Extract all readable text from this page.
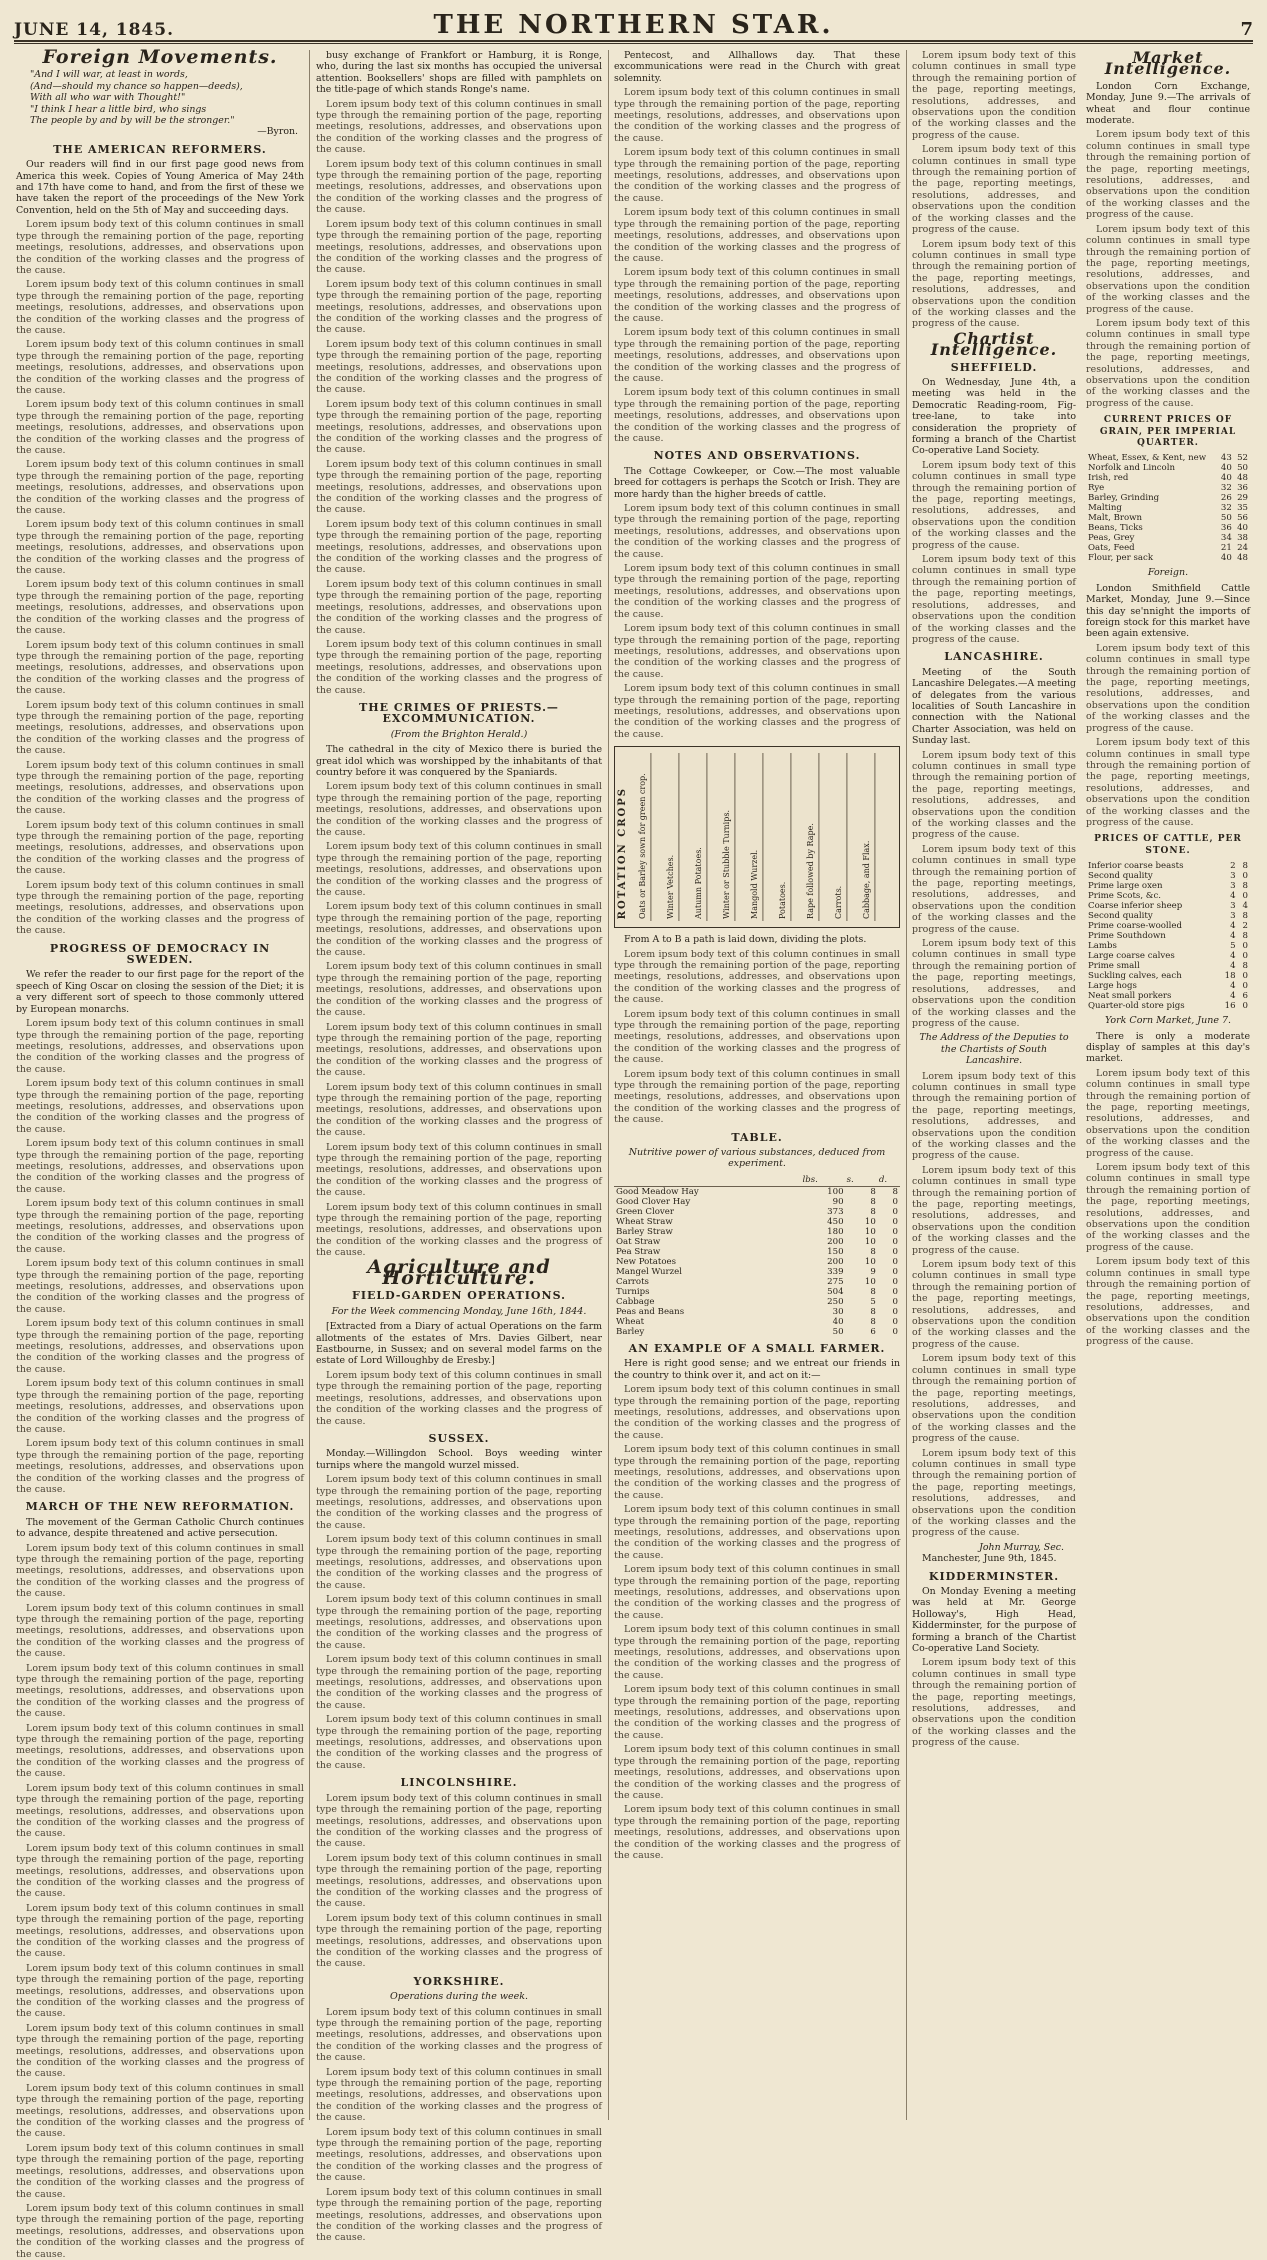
JUNE 14, 1845.	THE NORTHERN STAR.	7
Foreign Movements.
"And I will war, at least in words,
(And—should my chance so happen—deeds),
With all who war with Thought!"
"I think I hear a little bird, who sings
The people by and by will be the stronger."
—Byron.
THE AMERICAN REFORMERS.

Our readers will find in our first page good news from America this week. Copies of Young America of May 24th and 17th have come to hand, and from the first of these we have taken the report of the proceedings of the New York Convention, held on the 5th of May and succeeding days.

Lorem ipsum body text of this column continues in small type through the remaining portion of the page, reporting meetings, resolutions, addresses, and observations upon the condition of the working classes and the progress of the cause.

Lorem ipsum body text of this column continues in small type through the remaining portion of the page, reporting meetings, resolutions, addresses, and observations upon the condition of the working classes and the progress of the cause.

Lorem ipsum body text of this column continues in small type through the remaining portion of the page, reporting meetings, resolutions, addresses, and observations upon the condition of the working classes and the progress of the cause.

Lorem ipsum body text of this column continues in small type through the remaining portion of the page, reporting meetings, resolutions, addresses, and observations upon the condition of the working classes and the progress of the cause.

Lorem ipsum body text of this column continues in small type through the remaining portion of the page, reporting meetings, resolutions, addresses, and observations upon the condition of the working classes and the progress of the cause.

Lorem ipsum body text of this column continues in small type through the remaining portion of the page, reporting meetings, resolutions, addresses, and observations upon the condition of the working classes and the progress of the cause.

Lorem ipsum body text of this column continues in small type through the remaining portion of the page, reporting meetings, resolutions, addresses, and observations upon the condition of the working classes and the progress of the cause.

Lorem ipsum body text of this column continues in small type through the remaining portion of the page, reporting meetings, resolutions, addresses, and observations upon the condition of the working classes and the progress of the cause.

Lorem ipsum body text of this column continues in small type through the remaining portion of the page, reporting meetings, resolutions, addresses, and observations upon the condition of the working classes and the progress of the cause.

Lorem ipsum body text of this column continues in small type through the remaining portion of the page, reporting meetings, resolutions, addresses, and observations upon the condition of the working classes and the progress of the cause.

Lorem ipsum body text of this column continues in small type through the remaining portion of the page, reporting meetings, resolutions, addresses, and observations upon the condition of the working classes and the progress of the cause.

Lorem ipsum body text of this column continues in small type through the remaining portion of the page, reporting meetings, resolutions, addresses, and observations upon the condition of the working classes and the progress of the cause.

PROGRESS OF DEMOCRACY IN SWEDEN.

We refer the reader to our first page for the report of the speech of King Oscar on closing the session of the Diet; it is a very different sort of speech to those commonly uttered by European monarchs.

Lorem ipsum body text of this column continues in small type through the remaining portion of the page, reporting meetings, resolutions, addresses, and observations upon the condition of the working classes and the progress of the cause.

Lorem ipsum body text of this column continues in small type through the remaining portion of the page, reporting meetings, resolutions, addresses, and observations upon the condition of the working classes and the progress of the cause.

Lorem ipsum body text of this column continues in small type through the remaining portion of the page, reporting meetings, resolutions, addresses, and observations upon the condition of the working classes and the progress of the cause.

Lorem ipsum body text of this column continues in small type through the remaining portion of the page, reporting meetings, resolutions, addresses, and observations upon the condition of the working classes and the progress of the cause.

Lorem ipsum body text of this column continues in small type through the remaining portion of the page, reporting meetings, resolutions, addresses, and observations upon the condition of the working classes and the progress of the cause.

Lorem ipsum body text of this column continues in small type through the remaining portion of the page, reporting meetings, resolutions, addresses, and observations upon the condition of the working classes and the progress of the cause.

Lorem ipsum body text of this column continues in small type through the remaining portion of the page, reporting meetings, resolutions, addresses, and observations upon the condition of the working classes and the progress of the cause.

Lorem ipsum body text of this column continues in small type through the remaining portion of the page, reporting meetings, resolutions, addresses, and observations upon the condition of the working classes and the progress of the cause.

MARCH OF THE NEW REFORMATION.

The movement of the German Catholic Church continues to advance, despite threatened and active persecution.

Lorem ipsum body text of this column continues in small type through the remaining portion of the page, reporting meetings, resolutions, addresses, and observations upon the condition of the working classes and the progress of the cause.

Lorem ipsum body text of this column continues in small type through the remaining portion of the page, reporting meetings, resolutions, addresses, and observations upon the condition of the working classes and the progress of the cause.

Lorem ipsum body text of this column continues in small type through the remaining portion of the page, reporting meetings, resolutions, addresses, and observations upon the condition of the working classes and the progress of the cause.

Lorem ipsum body text of this column continues in small type through the remaining portion of the page, reporting meetings, resolutions, addresses, and observations upon the condition of the working classes and the progress of the cause.

Lorem ipsum body text of this column continues in small type through the remaining portion of the page, reporting meetings, resolutions, addresses, and observations upon the condition of the working classes and the progress of the cause.

Lorem ipsum body text of this column continues in small type through the remaining portion of the page, reporting meetings, resolutions, addresses, and observations upon the condition of the working classes and the progress of the cause.

Lorem ipsum body text of this column continues in small type through the remaining portion of the page, reporting meetings, resolutions, addresses, and observations upon the condition of the working classes and the progress of the cause.

Lorem ipsum body text of this column continues in small type through the remaining portion of the page, reporting meetings, resolutions, addresses, and observations upon the condition of the working classes and the progress of the cause.

Lorem ipsum body text of this column continues in small type through the remaining portion of the page, reporting meetings, resolutions, addresses, and observations upon the condition of the working classes and the progress of the cause.

Lorem ipsum body text of this column continues in small type through the remaining portion of the page, reporting meetings, resolutions, addresses, and observations upon the condition of the working classes and the progress of the cause.

Lorem ipsum body text of this column continues in small type through the remaining portion of the page, reporting meetings, resolutions, addresses, and observations upon the condition of the working classes and the progress of the cause.

Lorem ipsum body text of this column continues in small type through the remaining portion of the page, reporting meetings, resolutions, addresses, and observations upon the condition of the working classes and the progress of the cause.

busy exchange of Frankfort or Hamburg, it is Ronge, who, during the last six months has occupied the universal attention. Booksellers' shops are filled with pamphlets on the title-page of which stands Ronge's name.

Lorem ipsum body text of this column continues in small type through the remaining portion of the page, reporting meetings, resolutions, addresses, and observations upon the condition of the working classes and the progress of the cause.

Lorem ipsum body text of this column continues in small type through the remaining portion of the page, reporting meetings, resolutions, addresses, and observations upon the condition of the working classes and the progress of the cause.

Lorem ipsum body text of this column continues in small type through the remaining portion of the page, reporting meetings, resolutions, addresses, and observations upon the condition of the working classes and the progress of the cause.

Lorem ipsum body text of this column continues in small type through the remaining portion of the page, reporting meetings, resolutions, addresses, and observations upon the condition of the working classes and the progress of the cause.

Lorem ipsum body text of this column continues in small type through the remaining portion of the page, reporting meetings, resolutions, addresses, and observations upon the condition of the working classes and the progress of the cause.

Lorem ipsum body text of this column continues in small type through the remaining portion of the page, reporting meetings, resolutions, addresses, and observations upon the condition of the working classes and the progress of the cause.

Lorem ipsum body text of this column continues in small type through the remaining portion of the page, reporting meetings, resolutions, addresses, and observations upon the condition of the working classes and the progress of the cause.

Lorem ipsum body text of this column continues in small type through the remaining portion of the page, reporting meetings, resolutions, addresses, and observations upon the condition of the working classes and the progress of the cause.

Lorem ipsum body text of this column continues in small type through the remaining portion of the page, reporting meetings, resolutions, addresses, and observations upon the condition of the working classes and the progress of the cause.

Lorem ipsum body text of this column continues in small type through the remaining portion of the page, reporting meetings, resolutions, addresses, and observations upon the condition of the working classes and the progress of the cause.

THE CRIMES OF PRIESTS.—EXCOMMUNICATION.
(From the Brighton Herald.)

The cathedral in the city of Mexico there is buried the great idol which was worshipped by the inhabitants of that country before it was conquered by the Spaniards.

Lorem ipsum body text of this column continues in small type through the remaining portion of the page, reporting meetings, resolutions, addresses, and observations upon the condition of the working classes and the progress of the cause.

Lorem ipsum body text of this column continues in small type through the remaining portion of the page, reporting meetings, resolutions, addresses, and observations upon the condition of the working classes and the progress of the cause.

Lorem ipsum body text of this column continues in small type through the remaining portion of the page, reporting meetings, resolutions, addresses, and observations upon the condition of the working classes and the progress of the cause.

Lorem ipsum body text of this column continues in small type through the remaining portion of the page, reporting meetings, resolutions, addresses, and observations upon the condition of the working classes and the progress of the cause.

Lorem ipsum body text of this column continues in small type through the remaining portion of the page, reporting meetings, resolutions, addresses, and observations upon the condition of the working classes and the progress of the cause.

Lorem ipsum body text of this column continues in small type through the remaining portion of the page, reporting meetings, resolutions, addresses, and observations upon the condition of the working classes and the progress of the cause.

Lorem ipsum body text of this column continues in small type through the remaining portion of the page, reporting meetings, resolutions, addresses, and observations upon the condition of the working classes and the progress of the cause.

Lorem ipsum body text of this column continues in small type through the remaining portion of the page, reporting meetings, resolutions, addresses, and observations upon the condition of the working classes and the progress of the cause.

Agriculture and Horticulture.
FIELD-GARDEN OPERATIONS.
For the Week commencing Monday, June 16th, 1844.

[Extracted from a Diary of actual Operations on the farm allotments of the estates of Mrs. Davies Gilbert, near Eastbourne, in Sussex; and on several model farms on the estate of Lord Willoughby de Eresby.]

Lorem ipsum body text of this column continues in small type through the remaining portion of the page, reporting meetings, resolutions, addresses, and observations upon the condition of the working classes and the progress of the cause.

SUSSEX.

Monday.—Willingdon School. Boys weeding winter turnips where the mangold wurzel missed.

Lorem ipsum body text of this column continues in small type through the remaining portion of the page, reporting meetings, resolutions, addresses, and observations upon the condition of the working classes and the progress of the cause.

Lorem ipsum body text of this column continues in small type through the remaining portion of the page, reporting meetings, resolutions, addresses, and observations upon the condition of the working classes and the progress of the cause.

Lorem ipsum body text of this column continues in small type through the remaining portion of the page, reporting meetings, resolutions, addresses, and observations upon the condition of the working classes and the progress of the cause.

Lorem ipsum body text of this column continues in small type through the remaining portion of the page, reporting meetings, resolutions, addresses, and observations upon the condition of the working classes and the progress of the cause.

Lorem ipsum body text of this column continues in small type through the remaining portion of the page, reporting meetings, resolutions, addresses, and observations upon the condition of the working classes and the progress of the cause.

LINCOLNSHIRE.

Lorem ipsum body text of this column continues in small type through the remaining portion of the page, reporting meetings, resolutions, addresses, and observations upon the condition of the working classes and the progress of the cause.

Lorem ipsum body text of this column continues in small type through the remaining portion of the page, reporting meetings, resolutions, addresses, and observations upon the condition of the working classes and the progress of the cause.

Lorem ipsum body text of this column continues in small type through the remaining portion of the page, reporting meetings, resolutions, addresses, and observations upon the condition of the working classes and the progress of the cause.

YORKSHIRE.
Operations during the week.

Lorem ipsum body text of this column continues in small type through the remaining portion of the page, reporting meetings, resolutions, addresses, and observations upon the condition of the working classes and the progress of the cause.

Lorem ipsum body text of this column continues in small type through the remaining portion of the page, reporting meetings, resolutions, addresses, and observations upon the condition of the working classes and the progress of the cause.

Lorem ipsum body text of this column continues in small type through the remaining portion of the page, reporting meetings, resolutions, addresses, and observations upon the condition of the working classes and the progress of the cause.

Lorem ipsum body text of this column continues in small type through the remaining portion of the page, reporting meetings, resolutions, addresses, and observations upon the condition of the working classes and the progress of the cause.

Pentecost, and Allhallows day. That these excommunications were read in the Church with great solemnity.

Lorem ipsum body text of this column continues in small type through the remaining portion of the page, reporting meetings, resolutions, addresses, and observations upon the condition of the working classes and the progress of the cause.

Lorem ipsum body text of this column continues in small type through the remaining portion of the page, reporting meetings, resolutions, addresses, and observations upon the condition of the working classes and the progress of the cause.

Lorem ipsum body text of this column continues in small type through the remaining portion of the page, reporting meetings, resolutions, addresses, and observations upon the condition of the working classes and the progress of the cause.

Lorem ipsum body text of this column continues in small type through the remaining portion of the page, reporting meetings, resolutions, addresses, and observations upon the condition of the working classes and the progress of the cause.

Lorem ipsum body text of this column continues in small type through the remaining portion of the page, reporting meetings, resolutions, addresses, and observations upon the condition of the working classes and the progress of the cause.

Lorem ipsum body text of this column continues in small type through the remaining portion of the page, reporting meetings, resolutions, addresses, and observations upon the condition of the working classes and the progress of the cause.

NOTES AND OBSERVATIONS.

The Cottage Cowkeeper, or Cow.—The most valuable breed for cottagers is perhaps the Scotch or Irish. They are more hardy than the higher breeds of cattle.

Lorem ipsum body text of this column continues in small type through the remaining portion of the page, reporting meetings, resolutions, addresses, and observations upon the condition of the working classes and the progress of the cause.

Lorem ipsum body text of this column continues in small type through the remaining portion of the page, reporting meetings, resolutions, addresses, and observations upon the condition of the working classes and the progress of the cause.

Lorem ipsum body text of this column continues in small type through the remaining portion of the page, reporting meetings, resolutions, addresses, and observations upon the condition of the working classes and the progress of the cause.

Lorem ipsum body text of this column continues in small type through the remaining portion of the page, reporting meetings, resolutions, addresses, and observations upon the condition of the working classes and the progress of the cause.

ROTATION CROPS	Oats or Barley sown for green crop.	Winter Vetches.	Autumn Potatoes.	Winter or Stubble Turnips.	Mangold Wurzel.	Potatoes.	Rape followed by Rape.	Carrots.	Cabbage, and Flax.

From A to B a path is laid down, dividing the plots.

Lorem ipsum body text of this column continues in small type through the remaining portion of the page, reporting meetings, resolutions, addresses, and observations upon the condition of the working classes and the progress of the cause.

Lorem ipsum body text of this column continues in small type through the remaining portion of the page, reporting meetings, resolutions, addresses, and observations upon the condition of the working classes and the progress of the cause.

Lorem ipsum body text of this column continues in small type through the remaining portion of the page, reporting meetings, resolutions, addresses, and observations upon the condition of the working classes and the progress of the cause.

TABLE.
Nutritive power of various substances, deduced from experiment.
	lbs.	s.	d.
Good Meadow Hay	100	8	8
Good Clover Hay	90	8	0
Green Clover	373	8	0
Wheat Straw	450	10	0
Barley Straw	180	10	0
Oat Straw	200	10	0
Pea Straw	150	8	0
New Potatoes	200	10	0
Mangel Wurzel	339	9	0
Carrots	275	10	0
Turnips	504	8	0
Cabbage	250	5	0
Peas and Beans	30	8	0
Wheat	40	8	0
Barley	50	6	0
AN EXAMPLE OF A SMALL FARMER.

Here is right good sense; and we entreat our friends in the country to think over it, and act on it:—

Lorem ipsum body text of this column continues in small type through the remaining portion of the page, reporting meetings, resolutions, addresses, and observations upon the condition of the working classes and the progress of the cause.

Lorem ipsum body text of this column continues in small type through the remaining portion of the page, reporting meetings, resolutions, addresses, and observations upon the condition of the working classes and the progress of the cause.

Lorem ipsum body text of this column continues in small type through the remaining portion of the page, reporting meetings, resolutions, addresses, and observations upon the condition of the working classes and the progress of the cause.

Lorem ipsum body text of this column continues in small type through the remaining portion of the page, reporting meetings, resolutions, addresses, and observations upon the condition of the working classes and the progress of the cause.

Lorem ipsum body text of this column continues in small type through the remaining portion of the page, reporting meetings, resolutions, addresses, and observations upon the condition of the working classes and the progress of the cause.

Lorem ipsum body text of this column continues in small type through the remaining portion of the page, reporting meetings, resolutions, addresses, and observations upon the condition of the working classes and the progress of the cause.

Lorem ipsum body text of this column continues in small type through the remaining portion of the page, reporting meetings, resolutions, addresses, and observations upon the condition of the working classes and the progress of the cause.

Lorem ipsum body text of this column continues in small type through the remaining portion of the page, reporting meetings, resolutions, addresses, and observations upon the condition of the working classes and the progress of the cause.

Lorem ipsum body text of this column continues in small type through the remaining portion of the page, reporting meetings, resolutions, addresses, and observations upon the condition of the working classes and the progress of the cause.

Lorem ipsum body text of this column continues in small type through the remaining portion of the page, reporting meetings, resolutions, addresses, and observations upon the condition of the working classes and the progress of the cause.

Lorem ipsum body text of this column continues in small type through the remaining portion of the page, reporting meetings, resolutions, addresses, and observations upon the condition of the working classes and the progress of the cause.

Chartist Intelligence.
SHEFFIELD.

On Wednesday, June 4th, a meeting was held in the Democratic Reading-room, Fig-tree-lane, to take into consideration the propriety of forming a branch of the Chartist Co-operative Land Society.

Lorem ipsum body text of this column continues in small type through the remaining portion of the page, reporting meetings, resolutions, addresses, and observations upon the condition of the working classes and the progress of the cause.

Lorem ipsum body text of this column continues in small type through the remaining portion of the page, reporting meetings, resolutions, addresses, and observations upon the condition of the working classes and the progress of the cause.

LANCASHIRE.

Meeting of the South Lancashire Delegates.—A meeting of delegates from the various localities of South Lancashire in connection with the National Charter Association, was held on Sunday last.

Lorem ipsum body text of this column continues in small type through the remaining portion of the page, reporting meetings, resolutions, addresses, and observations upon the condition of the working classes and the progress of the cause.

Lorem ipsum body text of this column continues in small type through the remaining portion of the page, reporting meetings, resolutions, addresses, and observations upon the condition of the working classes and the progress of the cause.

Lorem ipsum body text of this column continues in small type through the remaining portion of the page, reporting meetings, resolutions, addresses, and observations upon the condition of the working classes and the progress of the cause.

The Address of the Deputies to the Chartists of South Lancashire.

Lorem ipsum body text of this column continues in small type through the remaining portion of the page, reporting meetings, resolutions, addresses, and observations upon the condition of the working classes and the progress of the cause.

Lorem ipsum body text of this column continues in small type through the remaining portion of the page, reporting meetings, resolutions, addresses, and observations upon the condition of the working classes and the progress of the cause.

Lorem ipsum body text of this column continues in small type through the remaining portion of the page, reporting meetings, resolutions, addresses, and observations upon the condition of the working classes and the progress of the cause.

Lorem ipsum body text of this column continues in small type through the remaining portion of the page, reporting meetings, resolutions, addresses, and observations upon the condition of the working classes and the progress of the cause.

Lorem ipsum body text of this column continues in small type through the remaining portion of the page, reporting meetings, resolutions, addresses, and observations upon the condition of the working classes and the progress of the cause.

John Murray, Sec.

Manchester, June 9th, 1845.

KIDDERMINSTER.

On Monday Evening a meeting was held at Mr. George Holloway's, High Head, Kidderminster, for the purpose of forming a branch of the Chartist Co-operative Land Society.

Lorem ipsum body text of this column continues in small type through the remaining portion of the page, reporting meetings, resolutions, addresses, and observations upon the condition of the working classes and the progress of the cause.

Market Intelligence.

London Corn Exchange, Monday, June 9.—The arrivals of wheat and flour continue moderate.

Lorem ipsum body text of this column continues in small type through the remaining portion of the page, reporting meetings, resolutions, addresses, and observations upon the condition of the working classes and the progress of the cause.

Lorem ipsum body text of this column continues in small type through the remaining portion of the page, reporting meetings, resolutions, addresses, and observations upon the condition of the working classes and the progress of the cause.

Lorem ipsum body text of this column continues in small type through the remaining portion of the page, reporting meetings, resolutions, addresses, and observations upon the condition of the working classes and the progress of the cause.

CURRENT PRICES OF GRAIN, PER IMPERIAL QUARTER.
Wheat, Essex, & Kent, new	43	52
Norfolk and Lincoln	40	50
Irish, red	40	48
Rye	32	36
Barley, Grinding	26	29
Malting	32	35
Malt, Brown	50	56
Beans, Ticks	36	40
Peas, Grey	34	38
Oats, Feed	21	24
Flour, per sack	40	48
Foreign.

London Smithfield Cattle Market, Monday, June 9.—Since this day se'nnight the imports of foreign stock for this market have been again extensive.

Lorem ipsum body text of this column continues in small type through the remaining portion of the page, reporting meetings, resolutions, addresses, and observations upon the condition of the working classes and the progress of the cause.

Lorem ipsum body text of this column continues in small type through the remaining portion of the page, reporting meetings, resolutions, addresses, and observations upon the condition of the working classes and the progress of the cause.

PRICES OF CATTLE, PER STONE.
Inferior coarse beasts	2	8
Second quality	3	0
Prime large oxen	3	8
Prime Scots, &c.	4	0
Coarse inferior sheep	3	4
Second quality	3	8
Prime coarse-woolled	4	2
Prime Southdown	4	8
Lambs	5	0
Large coarse calves	4	0
Prime small	4	8
Suckling calves, each	18	0
Large hogs	4	0
Neat small porkers	4	6
Quarter-old store pigs	16	0
York Corn Market, June 7.

There is only a moderate display of samples at this day's market.

Lorem ipsum body text of this column continues in small type through the remaining portion of the page, reporting meetings, resolutions, addresses, and observations upon the condition of the working classes and the progress of the cause.

Lorem ipsum body text of this column continues in small type through the remaining portion of the page, reporting meetings, resolutions, addresses, and observations upon the condition of the working classes and the progress of the cause.

Lorem ipsum body text of this column continues in small type through the remaining portion of the page, reporting meetings, resolutions, addresses, and observations upon the condition of the working classes and the progress of the cause.
